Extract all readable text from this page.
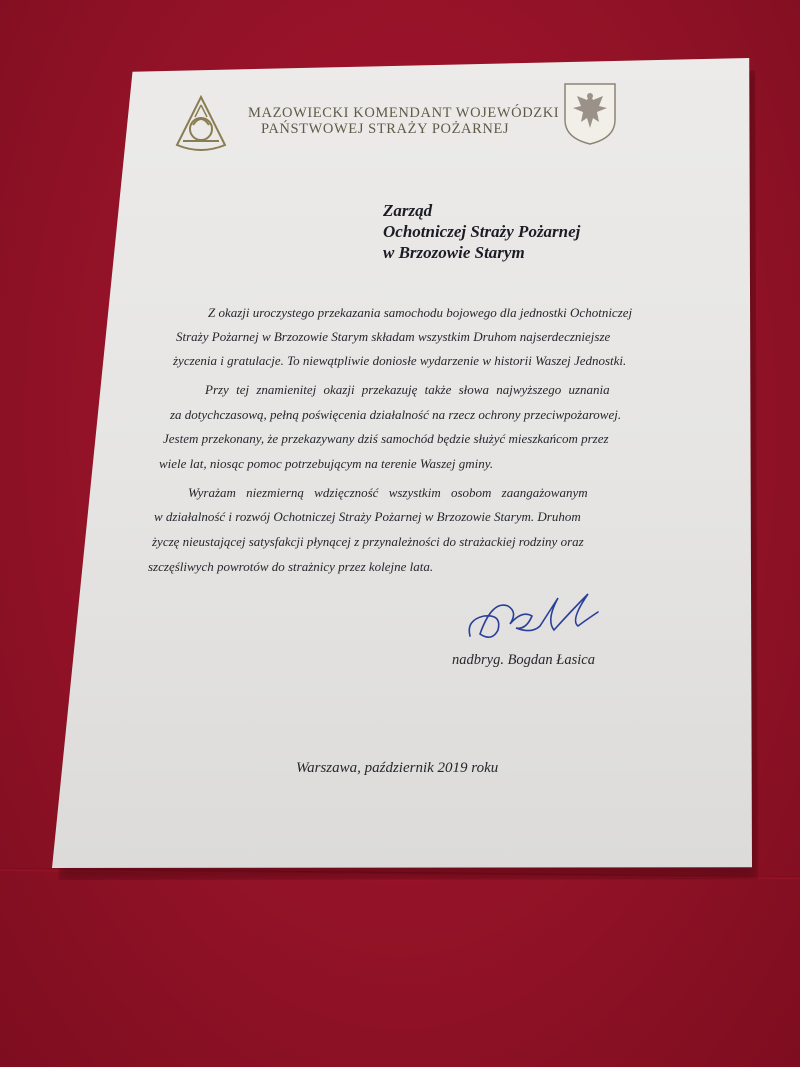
MAZOWIECKI KOMENDANT WOJEWÓDZKI
PAŃSTWOWEJ STRAŻY POŻARNEJ
Zarząd
Ochotniczej Straży Pożarnej
w Brzozowie Starym
Z okazji uroczystego przekazania samochodu bojowego dla jednostki Ochotniczej
Straży Pożarnej w Brzozowie Starym składam wszystkim Druhom najserdeczniejsze
życzenia i gratulacje. To niewątpliwie doniosłe wydarzenie w historii Waszej Jednostki.
Przy tej znamienitej okazji przekazuję także słowa najwyższego uznania
za dotychczasową, pełną poświęcenia działalność na rzecz ochrony przeciwpożarowej.
Jestem przekonany, że przekazywany dziś samochód będzie służyć mieszkańcom przez
wiele lat, niosąc pomoc potrzebującym na terenie Waszej gminy.
Wyrażam niezmierną wdzięczność wszystkim osobom zaangażowanym
w działalność i rozwój Ochotniczej Straży Pożarnej w Brzozowie Starym. Druhom
życzę nieustającej satysfakcji płynącej z przynależności do strażackiej rodziny oraz
szczęśliwych powrotów do strażnicy przez kolejne lata.
nadbryg. Bogdan Łasica
Warszawa, październik 2019 roku
